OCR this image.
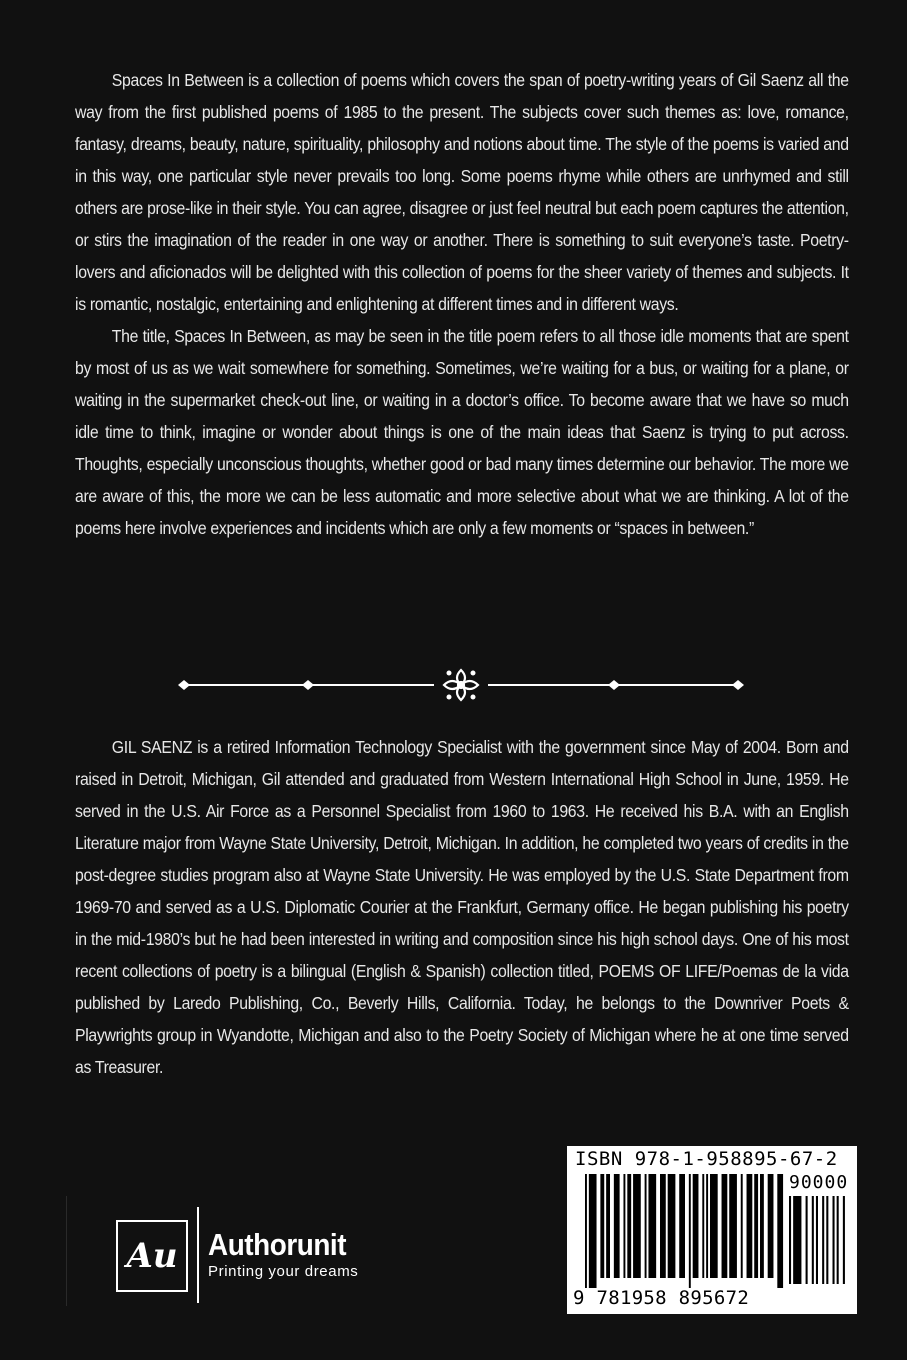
Spaces In Between is a collection of poems which covers the span of poetry-writing years of Gil Saenz all the way from the first published poems of 1985 to the present. The subjects cover such themes as: love, romance, fantasy, dreams, beauty, nature, spirituality, philosophy and notions about time. The style of the poems is varied and in this way, one particular style never prevails too long. Some poems rhyme while others are unrhymed and still others are prose-like in their style. You can agree, disagree or just feel neutral but each poem captures the attention, or stirs the imagination of the reader in one way or another. There is something to suit everyone’s taste. Poetry-lovers and aficionados will be delighted with this collection of poems for the sheer variety of themes and subjects. It is romantic, nostalgic, entertaining and enlightening at different times and in different ways.

The title, Spaces In Between, as may be seen in the title poem refers to all those idle moments that are spent by most of us as we wait somewhere for something. Sometimes, we’re waiting for a bus, or waiting for a plane, or waiting in the supermarket check-out line, or waiting in a doctor’s office. To become aware that we have so much idle time to think, imagine or wonder about things is one of the main ideas that Saenz is trying to put across. Thoughts, especially unconscious thoughts, whether good or bad many times determine our behavior. The more we are aware of this, the more we can be less automatic and more selective about what we are thinking. A lot of the poems here involve experiences and incidents which are only a few moments or “spaces in between.”

GIL SAENZ is a retired Information Technology Specialist with the government since May of 2004. Born and raised in Detroit, Michigan, Gil attended and graduated from Western International High School in June, 1959. He served in the U.S. Air Force as a Personnel Specialist from 1960 to 1963. He received his B.A. with an English Literature major from Wayne State University, Detroit, Michigan. In addition, he completed two years of credits in the post-degree studies program also at Wayne State University. He was employed by the U.S. State Department from 1969-70 and served as a U.S. Diplomatic Courier at the Frankfurt, Germany office. He began publishing his poetry in the mid-1980’s but he had been interested in writing and composition since his high school days. One of his most recent collections of poetry is a bilingual (English & Spanish) collection titled, POEMS OF LIFE/Poemas de la vida published by Laredo Publishing, Co., Beverly Hills, California. Today, he belongs to the Downriver Poets & Playwrights group in Wyandotte, Michigan and also to the Poetry Society of Michigan where he at one time served as Treasurer.

Au Authorunit
Printing your dreams
ISBN 978-1-958895-67-2
90000
9 781958 895672
